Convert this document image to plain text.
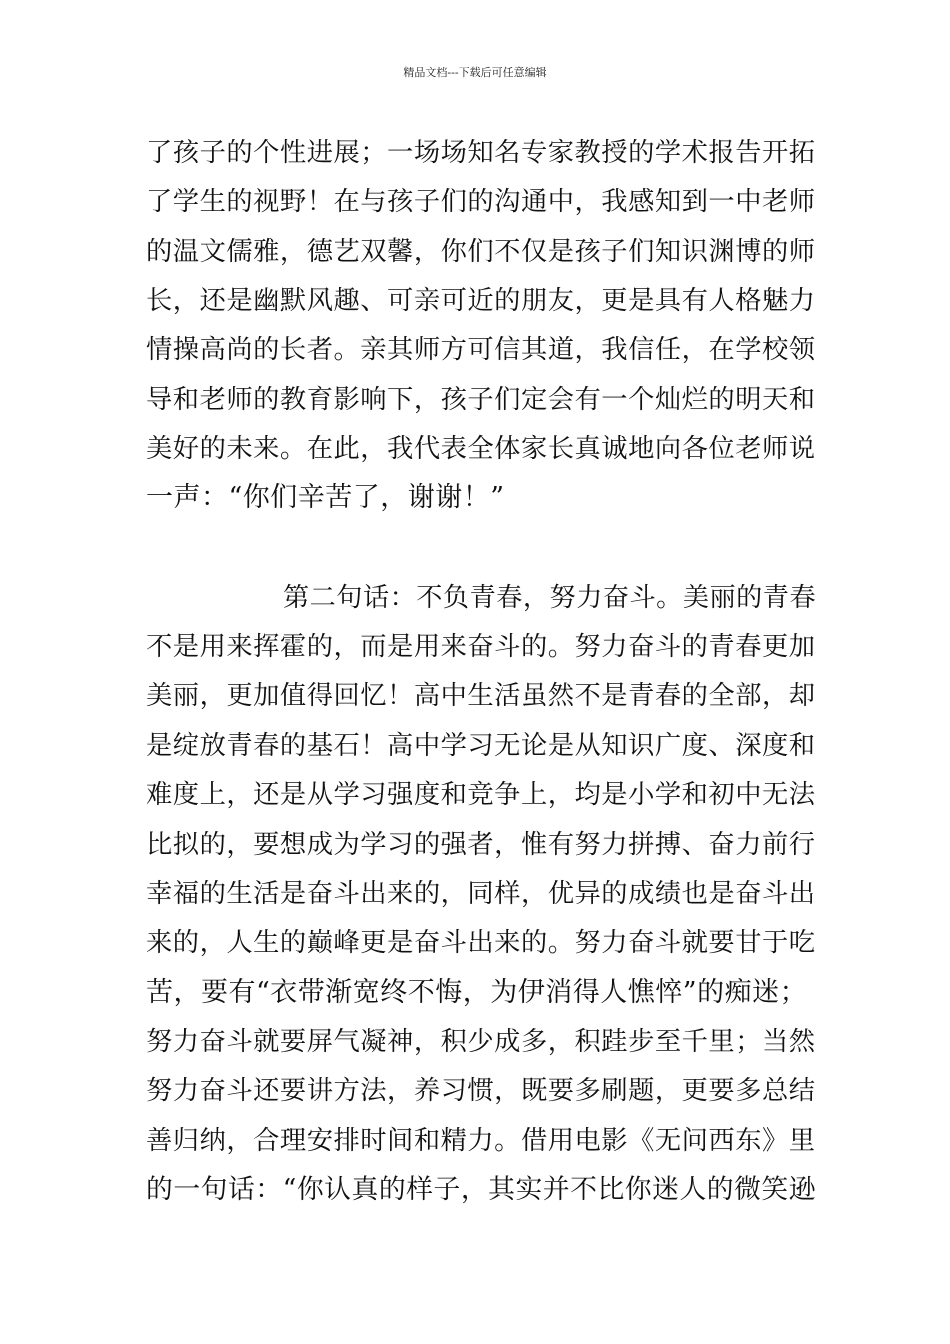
精品文档---下载后可任意编辑
了孩子的个性进展；一场场知名专家教授的学术报告开拓
了学生的视野！在与孩子们的沟通中，我感知到一中老师
的温文儒雅，德艺双馨，你们不仅是孩子们知识渊博的师
长，还是幽默风趣、可亲可近的朋友，更是具有人格魅力
情操高尚的长者。亲其师方可信其道，我信任，在学校领
导和老师的教育影响下，孩子们定会有一个灿烂的明天和
美好的未来。在此，我代表全体家长真诚地向各位老师说
一声：“你们辛苦了，谢谢！”
第二句话：不负青春，努力奋斗。美丽的青春
不是用来挥霍的，而是用来奋斗的。努力奋斗的青春更加
美丽，更加值得回忆！高中生活虽然不是青春的全部，却
是绽放青春的基石！高中学习无论是从知识广度、深度和
难度上，还是从学习强度和竞争上，均是小学和初中无法
比拟的，要想成为学习的强者，惟有努力拼搏、奋力前行
幸福的生活是奋斗出来的，同样，优异的成绩也是奋斗出
来的，人生的巅峰更是奋斗出来的。努力奋斗就要甘于吃
苦，要有“衣带渐宽终不悔，为伊消得人憔悴”的痴迷；
努力奋斗就要屏气凝神，积少成多，积跬步至千里；当然
努力奋斗还要讲方法，养习惯，既要多刷题，更要多总结
善归纳，合理安排时间和精力。借用电影《无问西东》里
的一句话：“你认真的样子，其实并不比你迷人的微笑逊
